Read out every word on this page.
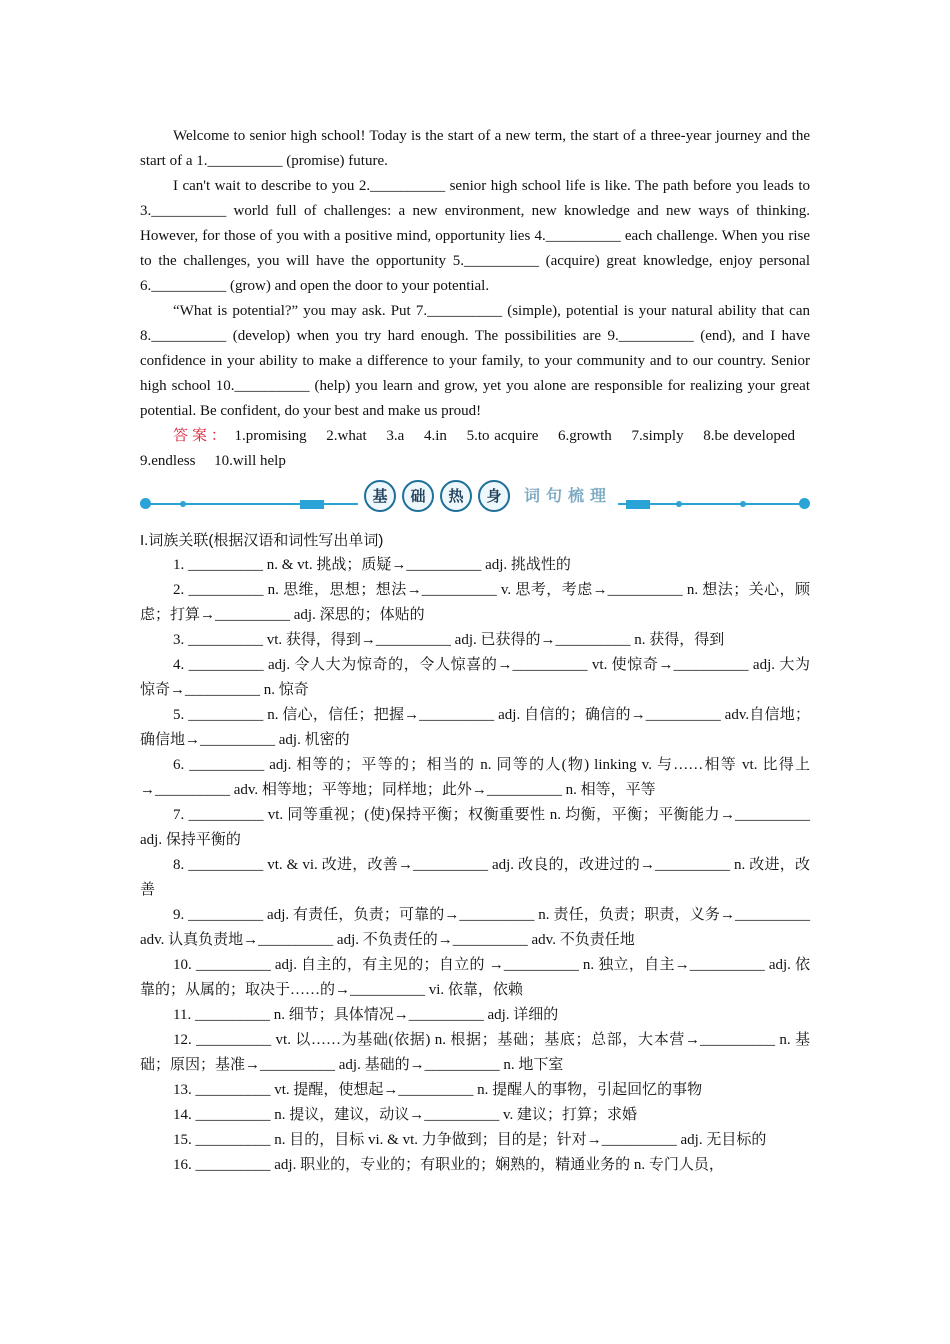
Welcome to senior high school! Today is the start of a new term, the start of a three‑year journey and the start of a 1.__________ (promise) future.

I can't wait to describe to you 2.__________ senior high school life is like. The path before you leads to 3.__________ world full of challenges: a new environment, new knowledge and new ways of thinking. However, for those of you with a positive mind, opportunity lies 4.__________ each challenge. When you rise to the challenges, you will have the opportunity 5.__________ (acquire) great knowledge, enjoy personal 6.__________ (grow) and open the door to your potential.

“What is potential?” you may ask. Put 7.__________ (simple), potential is your natural ability that can 8.__________ (develop) when you try hard enough. The possibilities are 9.__________ (end), and I have confidence in your ability to make a difference to your family, to your community and to our country. Senior high school 10.__________ (help) you learn and grow, yet you alone are responsible for realizing your great potential. Be confident, do your best and make us proud!

答案： 1.promising  2.what  3.a  4.in  5.to acquire  6.growth  7.simply  8.be developed  9.endless  10.will help

基	础	热	身	词句梳理

I.词族关联(根据汉语和词性写出单词)

1. __________ n. & vt. 挑战；质疑→__________ adj. 挑战性的

2. __________ n. 思维，思想；想法→__________ v. 思考，考虑→__________ n. 想法；关心，顾虑；打算→__________ adj. 深思的；体贴的

3. __________ vt. 获得，得到→__________ adj. 已获得的→__________ n. 获得，得到

4. __________ adj. 令人大为惊奇的，令人惊喜的→__________ vt. 使惊奇→__________ adj. 大为惊奇→__________ n. 惊奇

5. __________ n. 信心，信任；把握→__________ adj. 自信的；确信的→__________ adv.自信地；确信地→__________ adj. 机密的

6. __________ adj. 相等的；平等的；相当的 n. 同等的人(物) linking v. 与……相等 vt. 比得上→__________ adv. 相等地；平等地；同样地；此外→__________ n. 相等，平等

7. __________ vt. 同等重视；(使)保持平衡；权衡重要性 n. 均衡，平衡；平衡能力→__________ adj. 保持平衡的

8. __________ vt. & vi. 改进，改善→__________ adj. 改良的，改进过的→__________ n. 改进，改善

9. __________ adj. 有责任，负责；可靠的→__________ n. 责任，负责；职责，义务→__________ adv. 认真负责地→__________ adj. 不负责任的→__________ adv. 不负责任地

10. __________ adj. 自主的，有主见的；自立的 →__________ n. 独立，自主→__________ adj. 依靠的；从属的；取决于……的→__________ vi. 依靠，依赖

11. __________ n. 细节；具体情况→__________ adj. 详细的

12. __________ vt. 以……为基础(依据) n. 根据；基础；基底；总部，大本营→__________ n. 基础；原因；基准→__________ adj. 基础的→__________ n. 地下室

13. __________ vt. 提醒，使想起→__________ n. 提醒人的事物，引起回忆的事物

14. __________ n. 提议，建议，动议→__________ v. 建议；打算；求婚

15. __________ n. 目的，目标 vi. & vt. 力争做到；目的是；针对→__________ adj. 无目标的

16. __________ adj. 职业的，专业的；有职业的；娴熟的，精通业务的 n. 专门人员，
